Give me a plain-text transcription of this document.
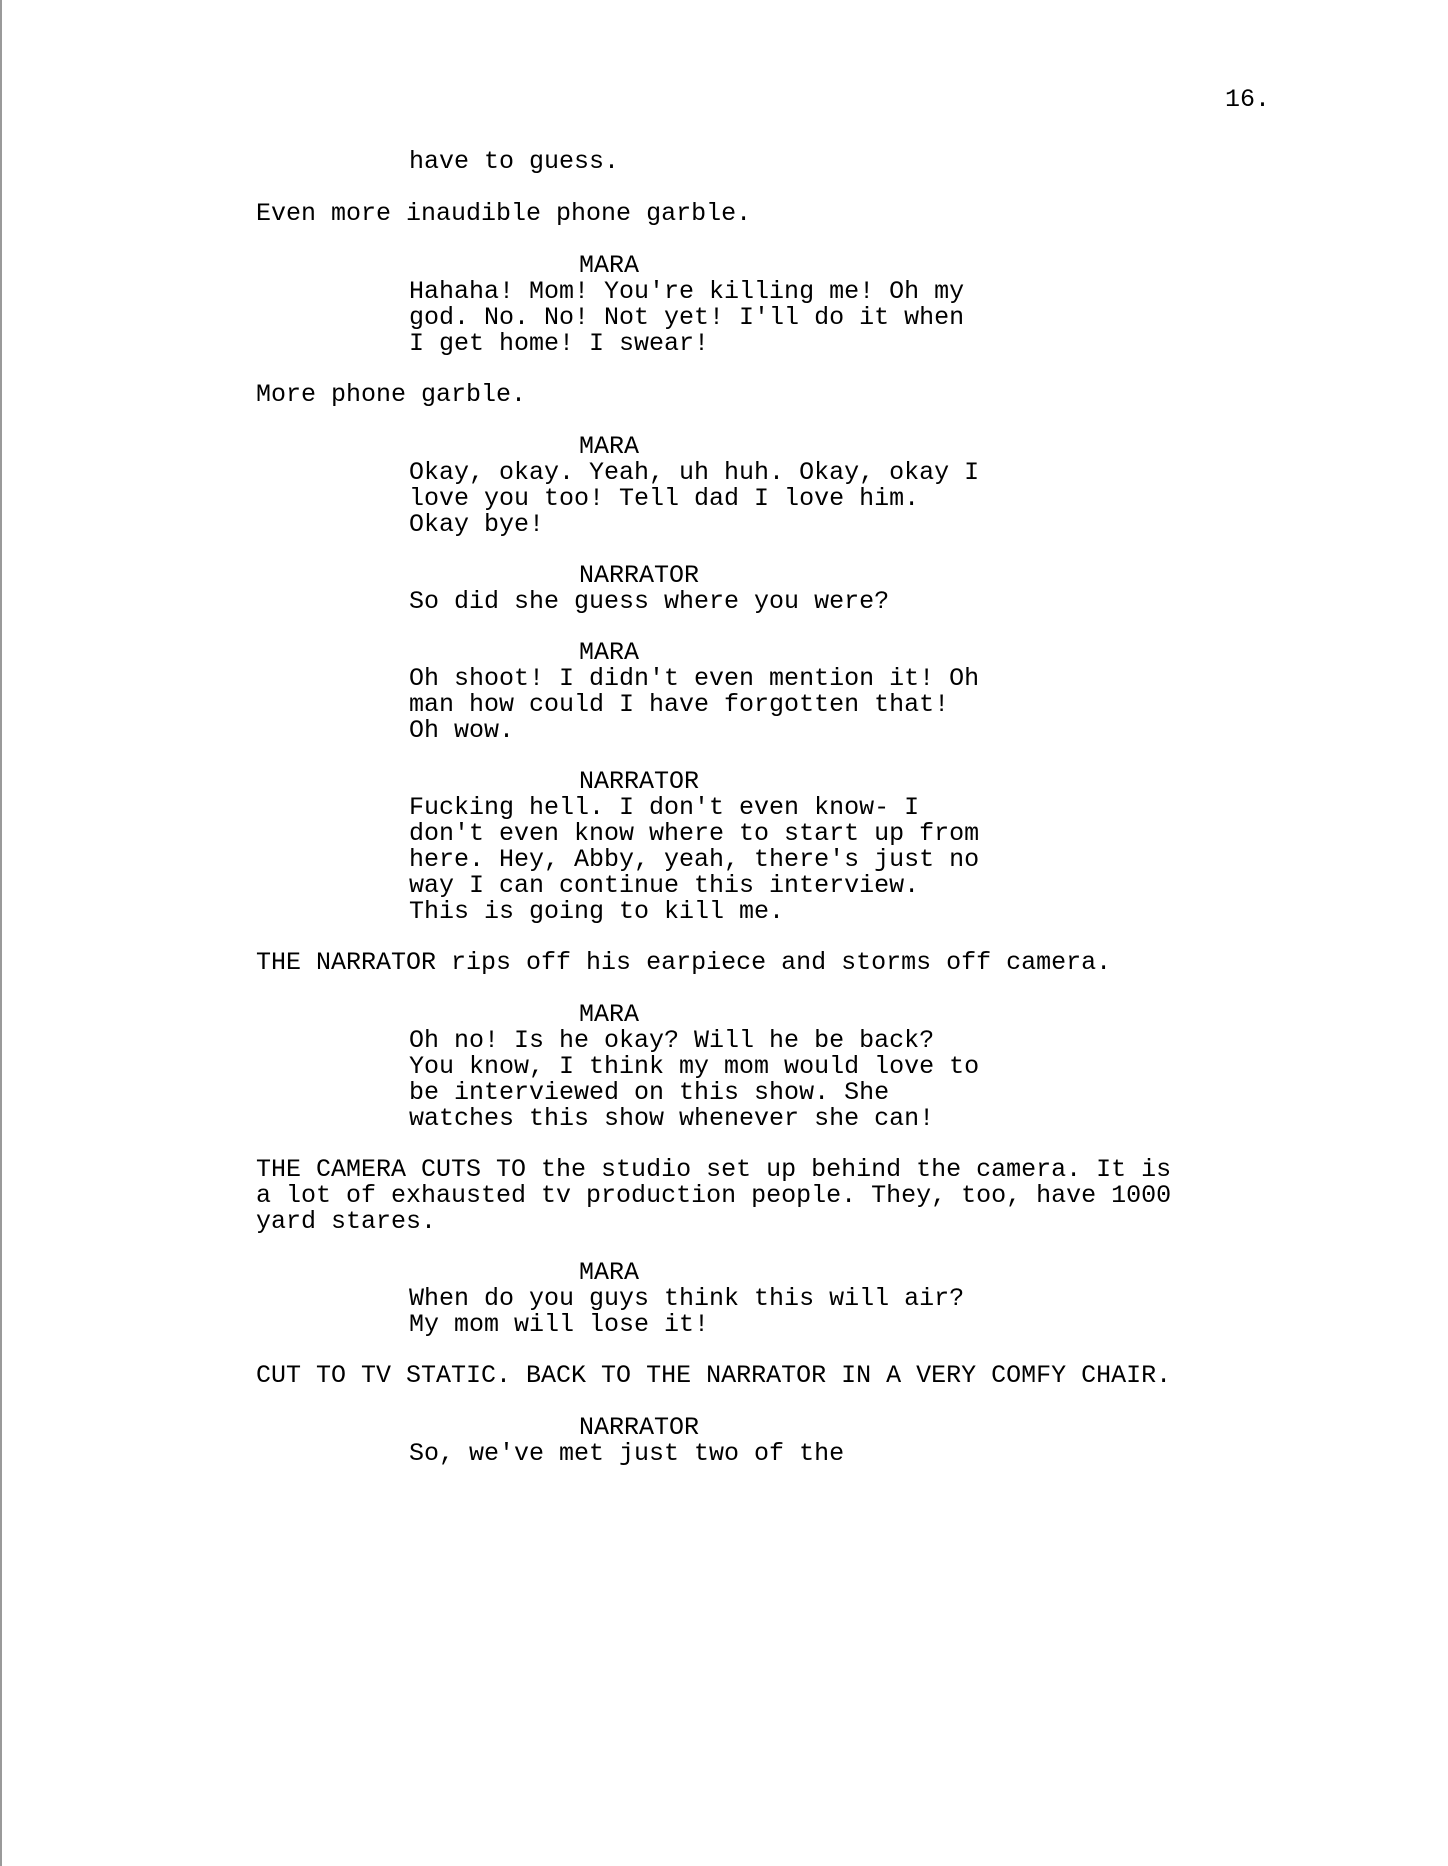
16.
have to guess.
Even more inaudible phone garble.
MARA
Hahaha! Mom! You're killing me! Oh my
god. No. No! Not yet! I'll do it when
I get home! I swear!
More phone garble.
MARA
Okay, okay. Yeah, uh huh. Okay, okay I
love you too! Tell dad I love him.
Okay bye!
NARRATOR
So did she guess where you were?
MARA
Oh shoot! I didn't even mention it! Oh
man how could I have forgotten that!
Oh wow.
NARRATOR
Fucking hell. I don't even know- I
don't even know where to start up from
here. Hey, Abby, yeah, there's just no
way I can continue this interview.
This is going to kill me.
THE NARRATOR rips off his earpiece and storms off camera.
MARA
Oh no! Is he okay? Will he be back?
You know, I think my mom would love to
be interviewed on this show. She
watches this show whenever she can!
THE CAMERA CUTS TO the studio set up behind the camera. It is
a lot of exhausted tv production people. They, too, have 1000
yard stares.
MARA
When do you guys think this will air?
My mom will lose it!
CUT TO TV STATIC. BACK TO THE NARRATOR IN A VERY COMFY CHAIR.
NARRATOR
So, we've met just two of the
